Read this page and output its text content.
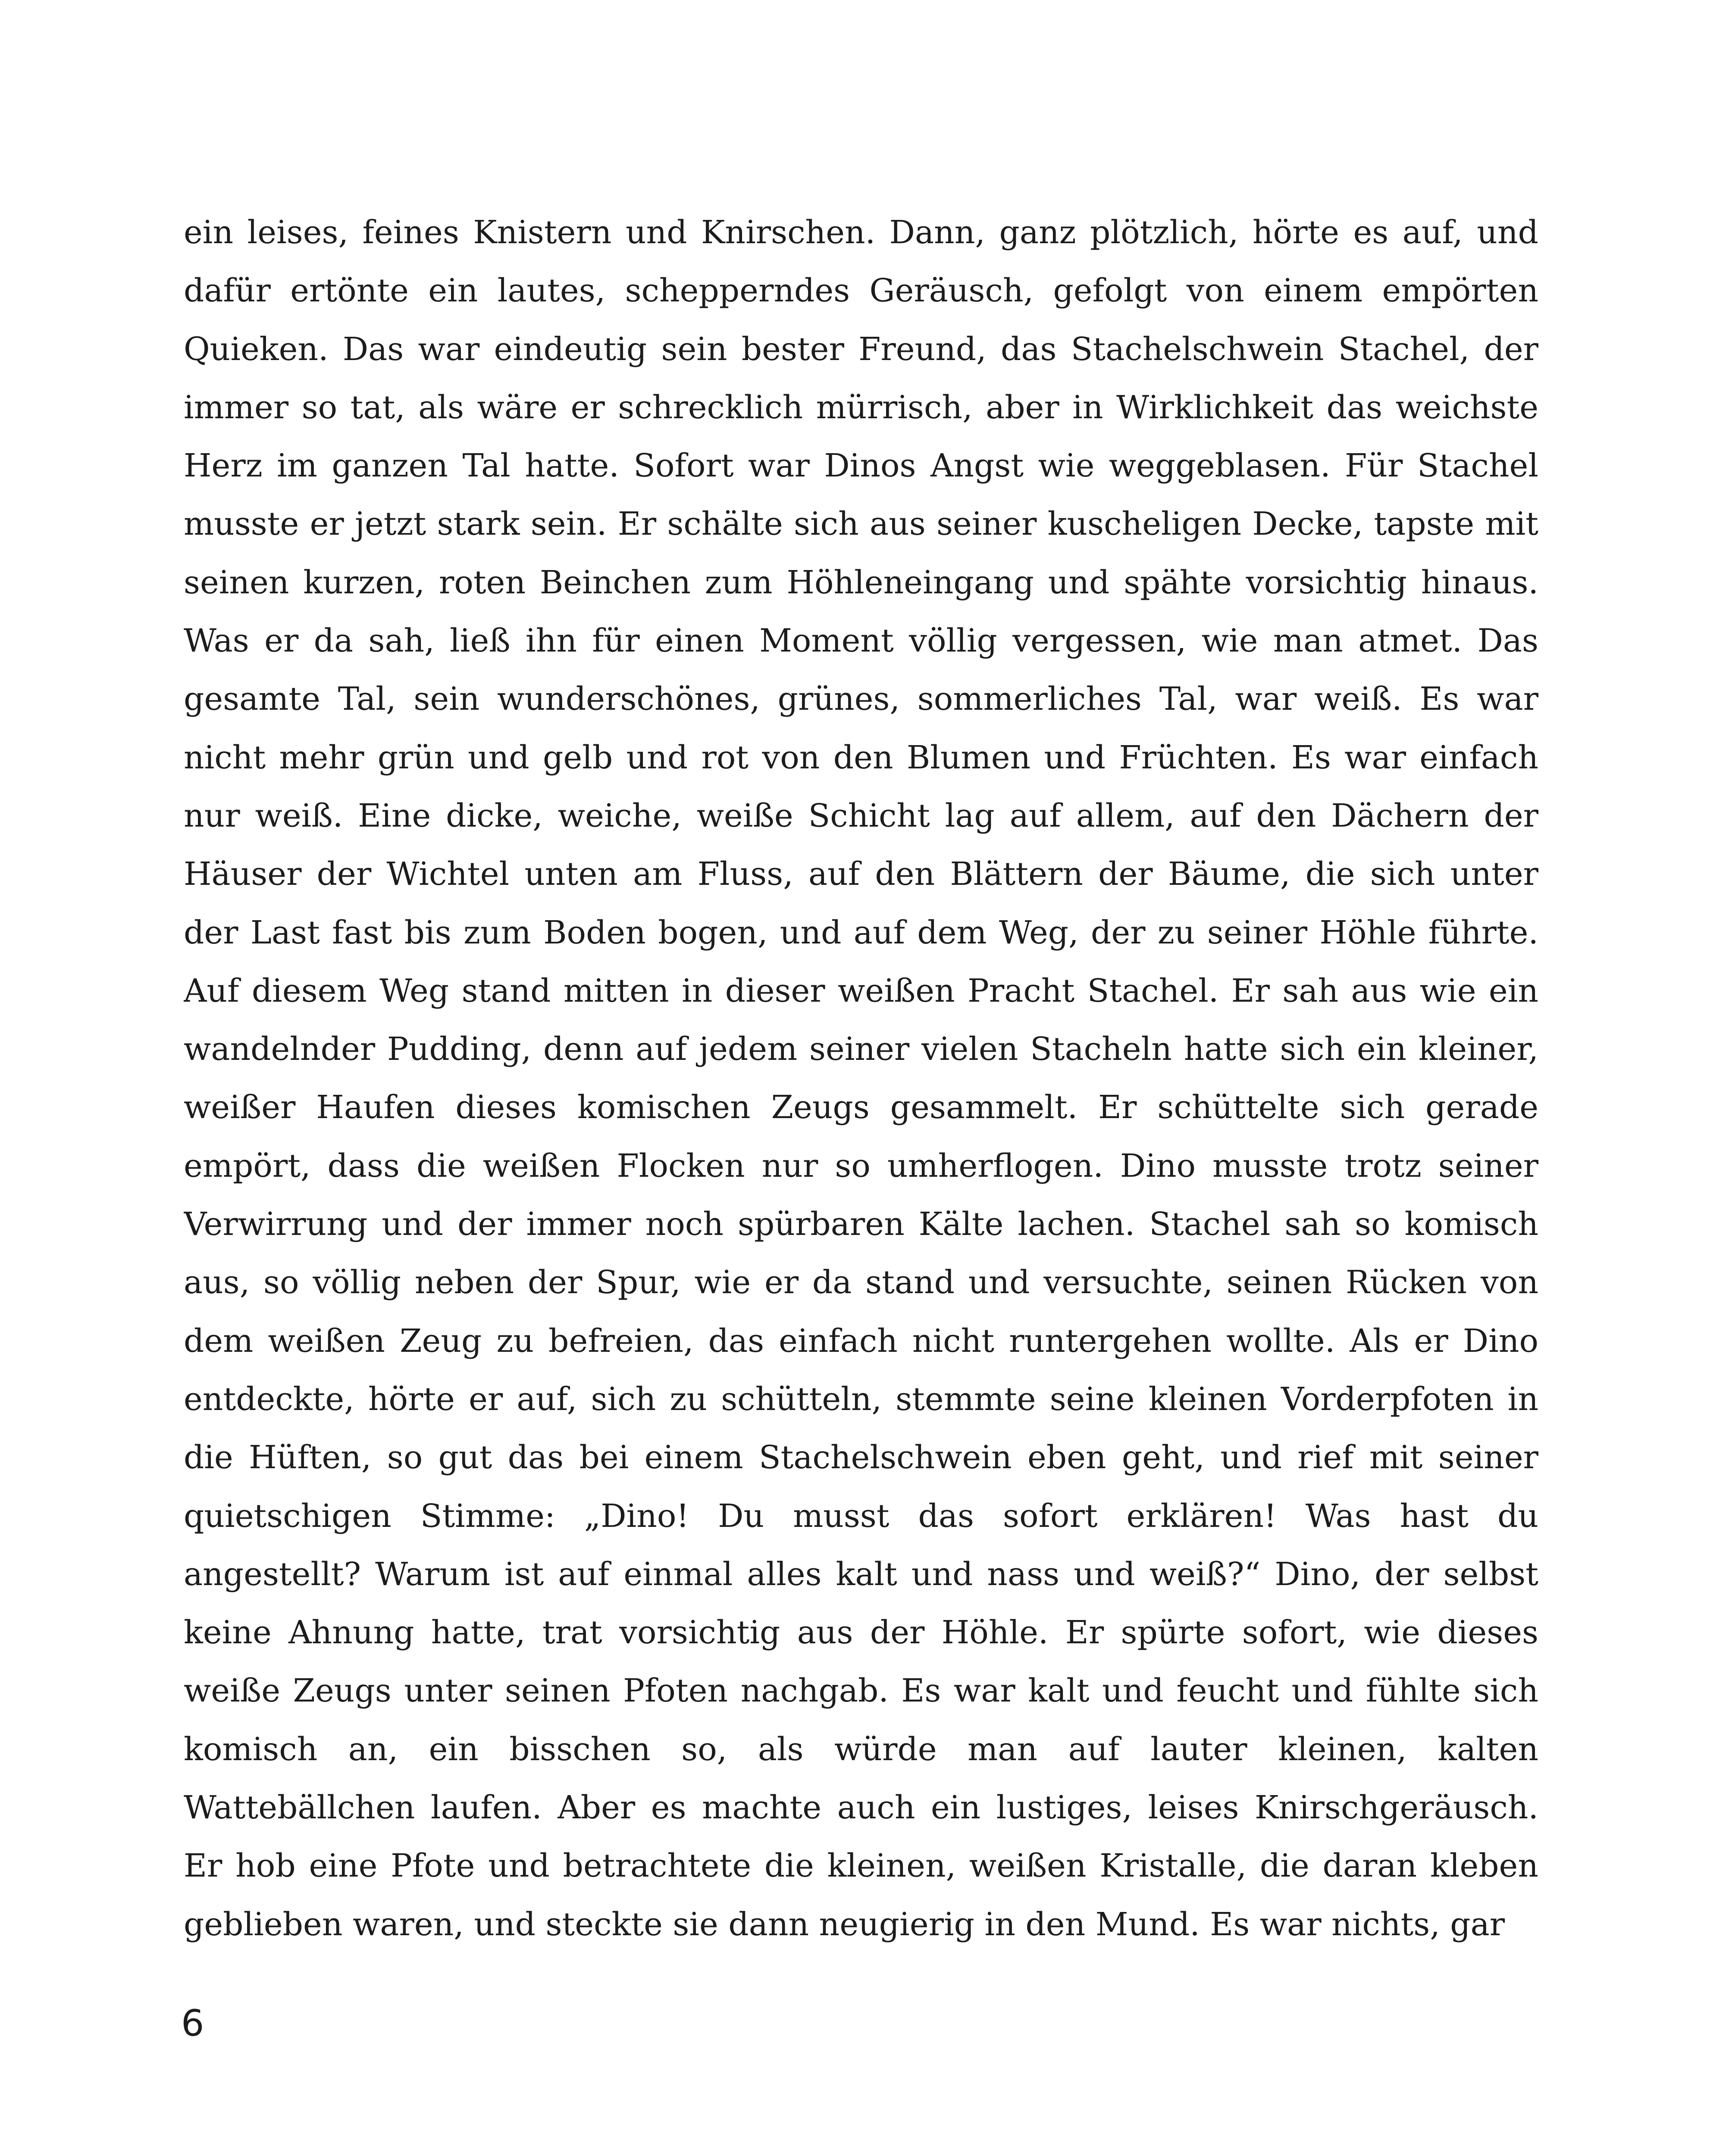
ein leises, feines Knistern und Knirschen. Dann, ganz plötzlich, hörte es auf, und
dafür ertönte ein lautes, schepperndes Geräusch, gefolgt von einem empörten
Quieken. Das war eindeutig sein bester Freund, das Stachelschwein Stachel, der
immer so tat, als wäre er schrecklich mürrisch, aber in Wirklichkeit das weichste
Herz im ganzen Tal hatte. Sofort war Dinos Angst wie weggeblasen. Für Stachel
musste er jetzt stark sein. Er schälte sich aus seiner kuscheligen Decke, tapste mit
seinen kurzen, roten Beinchen zum Höhleneingang und spähte vorsichtig hinaus.
Was er da sah, ließ ihn für einen Moment völlig vergessen, wie man atmet. Das
gesamte Tal, sein wunderschönes, grünes, sommerliches Tal, war weiß. Es war
nicht mehr grün und gelb und rot von den Blumen und Früchten. Es war einfach
nur weiß. Eine dicke, weiche, weiße Schicht lag auf allem, auf den Dächern der
Häuser der Wichtel unten am Fluss, auf den Blättern der Bäume, die sich unter
der Last fast bis zum Boden bogen, und auf dem Weg, der zu seiner Höhle führte.
Auf diesem Weg stand mitten in dieser weißen Pracht Stachel. Er sah aus wie ein
wandelnder Pudding, denn auf jedem seiner vielen Stacheln hatte sich ein kleiner,
weißer Haufen dieses komischen Zeugs gesammelt. Er schüttelte sich gerade
empört, dass die weißen Flocken nur so umherflogen. Dino musste trotz seiner
Verwirrung und der immer noch spürbaren Kälte lachen. Stachel sah so komisch
aus, so völlig neben der Spur, wie er da stand und versuchte, seinen Rücken von
dem weißen Zeug zu befreien, das einfach nicht runtergehen wollte. Als er Dino
entdeckte, hörte er auf, sich zu schütteln, stemmte seine kleinen Vorderpfoten in
die Hüften, so gut das bei einem Stachelschwein eben geht, und rief mit seiner
quietschigen Stimme: „Dino! Du musst das sofort erklären! Was hast du
angestellt? Warum ist auf einmal alles kalt und nass und weiß?“ Dino, der selbst
keine Ahnung hatte, trat vorsichtig aus der Höhle. Er spürte sofort, wie dieses
weiße Zeugs unter seinen Pfoten nachgab. Es war kalt und feucht und fühlte sich
komisch an, ein bisschen so, als würde man auf lauter kleinen, kalten
Wattebällchen laufen. Aber es machte auch ein lustiges, leises Knirschgeräusch.
Er hob eine Pfote und betrachtete die kleinen, weißen Kristalle, die daran kleben
geblieben waren, und steckte sie dann neugierig in den Mund. Es war nichts, gar
6
